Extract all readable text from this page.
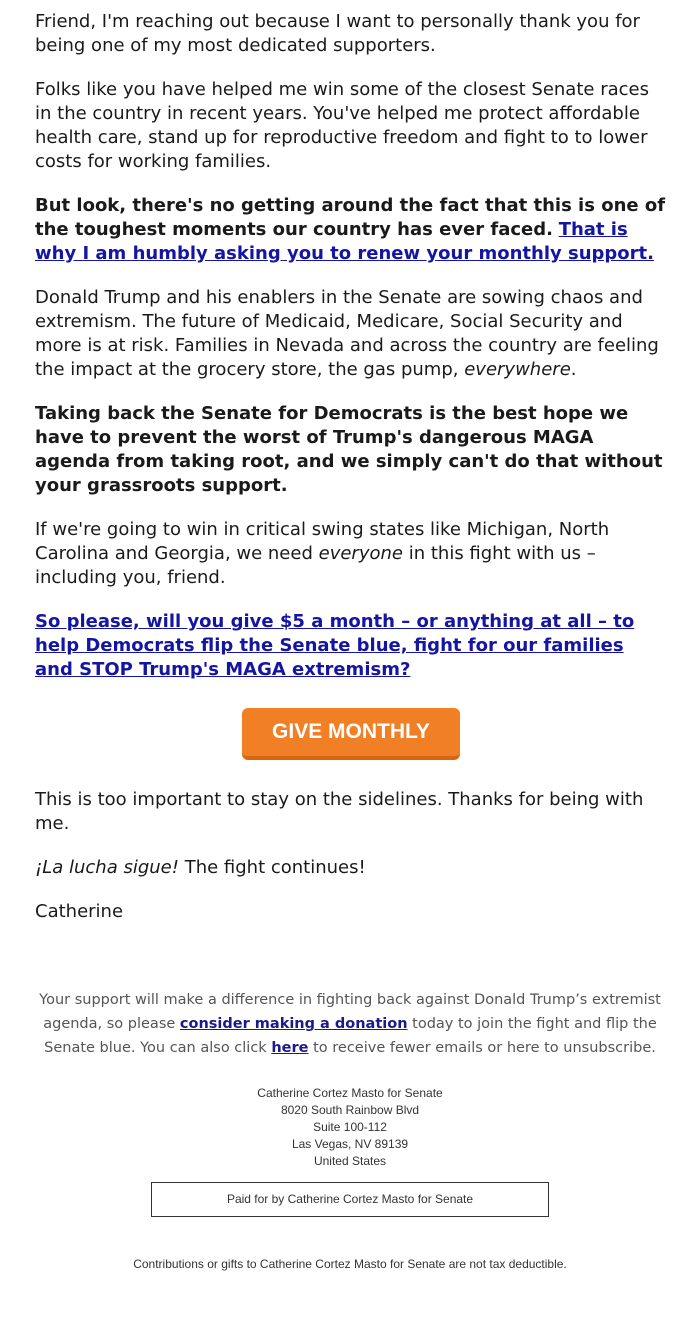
Friend, I'm reaching out because I want to personally thank you for being one of my most dedicated supporters.

Folks like you have helped me win some of the closest Senate races in the country in recent years. You've helped me protect affordable health care, stand up for reproductive freedom and fight to to lower costs for working families.

But look, there's no getting around the fact that this is one of the toughest moments our country has ever faced. That is why I am humbly asking you to renew your monthly support.

Donald Trump and his enablers in the Senate are sowing chaos and extremism. The future of Medicaid, Medicare, Social Security and more is at risk. Families in Nevada and across the country are feeling the impact at the grocery store, the gas pump, everywhere.

Taking back the Senate for Democrats is the best hope we have to prevent the worst of Trump's dangerous MAGA agenda from taking root, and we simply can't do that without your grassroots support.

If we're going to win in critical swing states like Michigan, North Carolina and Georgia, we need everyone in this fight with us – including you, friend.

So please, will you give $5 a month – or anything at all – to help Democrats flip the Senate blue, fight for our families and STOP Trump's MAGA extremism?

GIVE MONTHLY

This is too important to stay on the sidelines. Thanks for being with me.

¡La lucha sigue! The fight continues!

Catherine

Your support will make a difference in fighting back against Donald Trump’s extremist agenda, so please consider making a donation today to join the fight and flip the Senate blue. You can also click here to receive fewer emails or here to unsubscribe.
Catherine Cortez Masto for Senate
8020 South Rainbow Blvd
Suite 100-112
Las Vegas, NV 89139
United States
Paid for by Catherine Cortez Masto for Senate
Contributions or gifts to Catherine Cortez Masto for Senate are not tax deductible.
